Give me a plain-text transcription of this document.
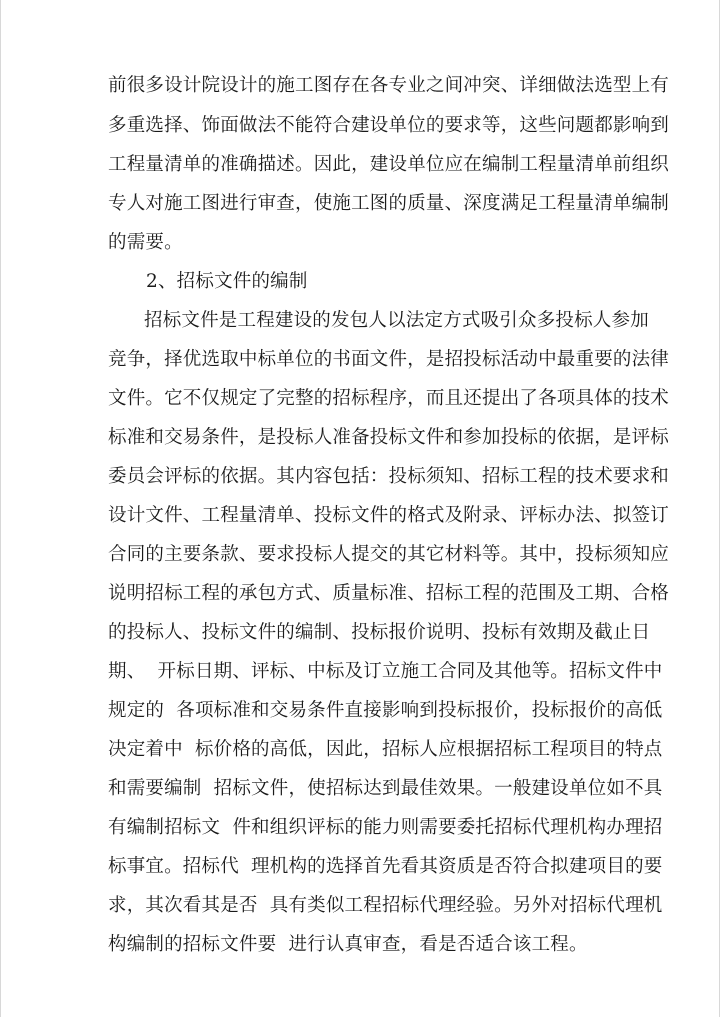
前很多设计院设计的施工图存在各专业之间冲突、详细做法选型上有
多重选择、饰面做法不能符合建设单位的要求等，这些问题都影响到
工程量清单的准确描述。因此，建设单位应在编制工程量清单前组织
专人对施工图进行审查，使施工图的质量、深度满足工程量清单编制
的需要。
2、招标文件的编制
招标文件是工程建设的发包人以法定方式吸引众多投标人参加
竞争，择优选取中标单位的书面文件，是招投标活动中最重要的法律
文件。它不仅规定了完整的招标程序，而且还提出了各项具体的技术
标准和交易条件，是投标人准备投标文件和参加投标的依据，是评标
委员会评标的依据。其内容包括：投标须知、招标工程的技术要求和
设计文件、工程量清单、投标文件的格式及附录、评标办法、拟签订
合同的主要条款、要求投标人提交的其它材料等。其中，投标须知应
说明招标工程的承包方式、质量标准、招标工程的范围及工期、合格
的投标人、投标文件的编制、投标报价说明、投标有效期及截止日
期、  开标日期、评标、中标及订立施工合同及其他等。招标文件中
规定的  各项标准和交易条件直接影响到投标报价，投标报价的高低
决定着中  标价格的高低，因此，招标人应根据招标工程项目的特点
和需要编制  招标文件，使招标达到最佳效果。一般建设单位如不具
有编制招标文  件和组织评标的能力则需要委托招标代理机构办理招
标事宜。招标代  理机构的选择首先看其资质是否符合拟建项目的要
求，其次看其是否  具有类似工程招标代理经验。另外对招标代理机
构编制的招标文件要  进行认真审查，看是否适合该工程。
